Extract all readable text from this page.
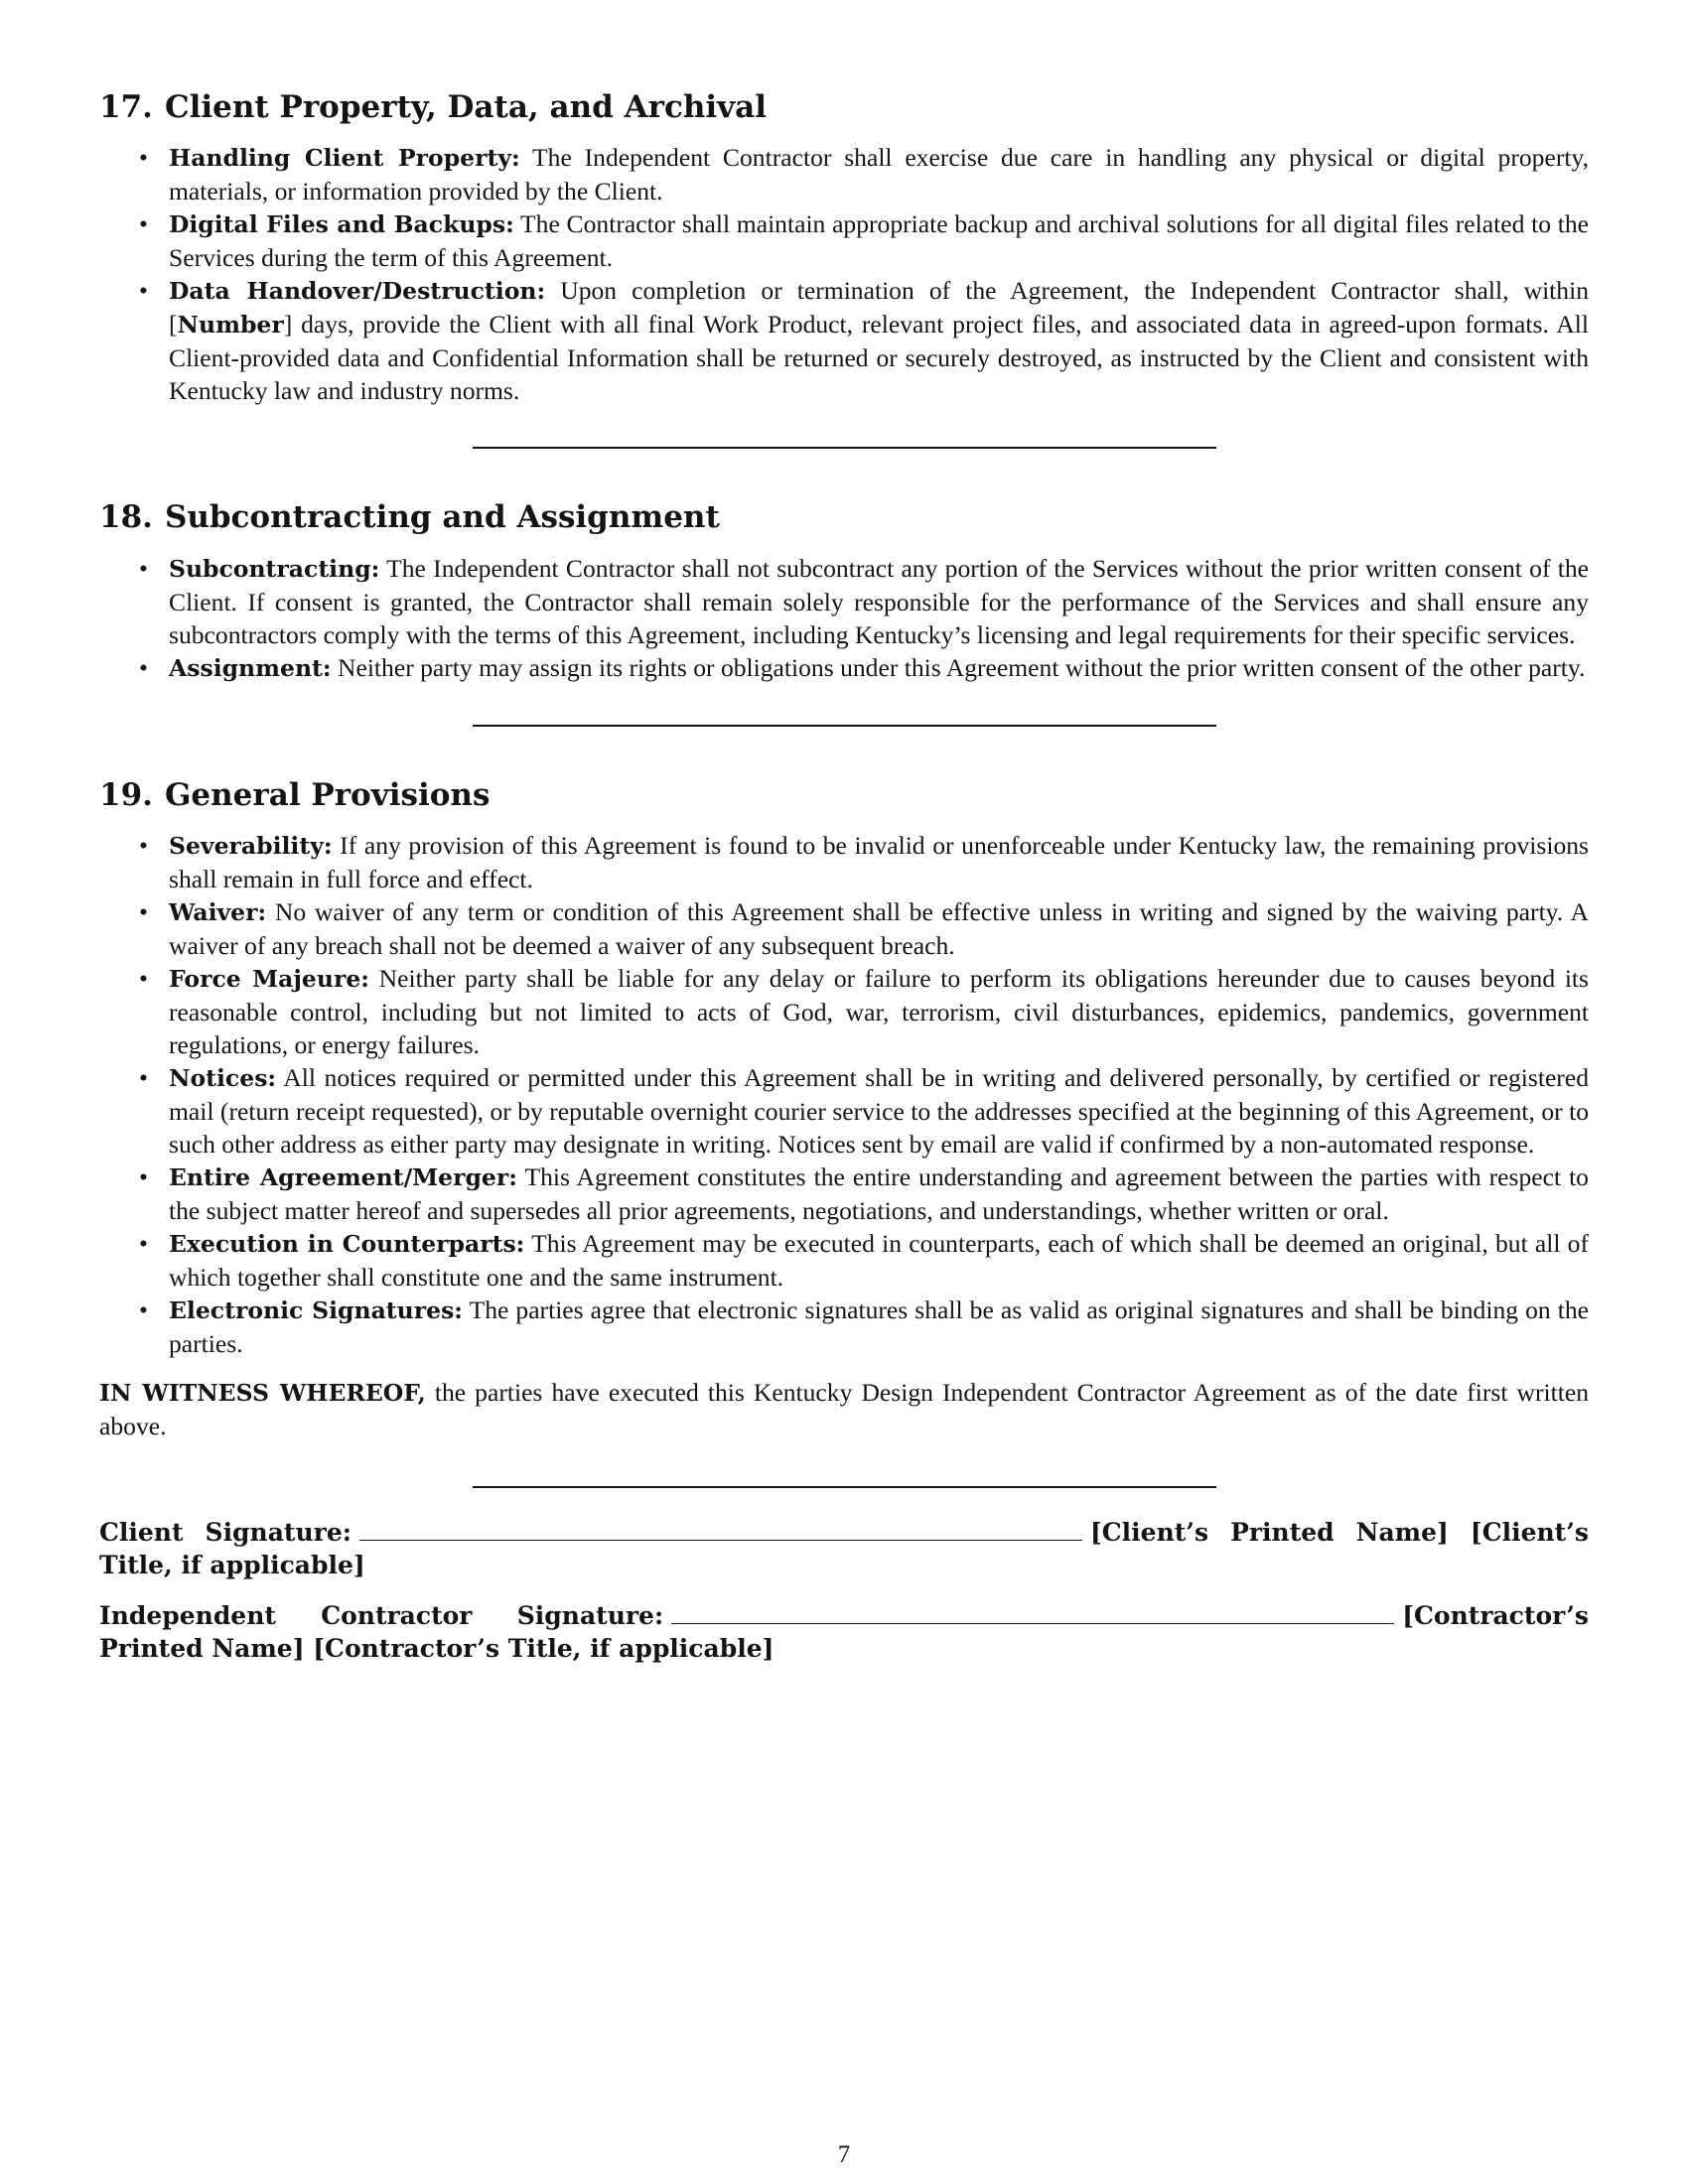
17. Client Property, Data, and Archival
• Handling Client Property: The Independent Contractor shall exercise due care in handling any physical or digital property, materials, or information provided by the Client.
• Digital Files and Backups: The Contractor shall maintain appropriate backup and archival solutions for all digital files related to the Services during the term of this Agreement.
• Data Handover/Destruction: Upon completion or termination of the Agreement, the Independent Contractor shall, within [Number] days, provide the Client with all final Work Product, relevant project files, and associated data in agreed-upon formats. All Client-provided data and Confidential Information shall be returned or securely destroyed, as instructed by the Client and consistent with Kentucky law and industry norms.
18. Subcontracting and Assignment
• Subcontracting: The Independent Contractor shall not subcontract any portion of the Services without the prior written consent of the Client. If consent is granted, the Contractor shall remain solely responsible for the performance of the Services and shall ensure any subcontractors comply with the terms of this Agreement, including Kentucky’s licensing and legal requirements for their specific services.
• Assignment: Neither party may assign its rights or obligations under this Agreement without the prior written consent of the other party.
19. General Provisions
• Severability: If any provision of this Agreement is found to be invalid or unenforceable under Kentucky law, the remaining provisions shall remain in full force and effect.
• Waiver: No waiver of any term or condition of this Agreement shall be effective unless in writing and signed by the waiving party. A waiver of any breach shall not be deemed a waiver of any subsequent breach.
• Force Majeure: Neither party shall be liable for any delay or failure to perform its obligations hereunder due to causes beyond its reasonable control, including but not limited to acts of God, war, terrorism, civil disturbances, epidemics, pandemics, government regulations, or energy failures.
• Notices: All notices required or permitted under this Agreement shall be in writing and delivered personally, by certified or registered mail (return receipt requested), or by reputable overnight courier service to the addresses specified at the beginning of this Agreement, or to such other address as either party may designate in writing. Notices sent by email are valid if confirmed by a non-automated response.
• Entire Agreement/Merger: This Agreement constitutes the entire understanding and agreement between the parties with respect to the subject matter hereof and supersedes all prior agreements, negotiations, and understandings, whether written or oral.
• Execution in Counterparts: This Agreement may be executed in counterparts, each of which shall be deemed an original, but all of which together shall constitute one and the same instrument.
• Electronic Signatures: The parties agree that electronic signatures shall be as valid as original signatures and shall be binding on the parties.

IN WITNESS WHEREOF, the parties have executed this Kentucky Design Independent Contractor Agreement as of the date first written above.

Client Signature:	[Client’s Printed Name] [Client’s Title, if applicable]
Independent Contractor Signature:	[Contractor’s Printed Name] [Contractor’s Title, if applicable]
7
